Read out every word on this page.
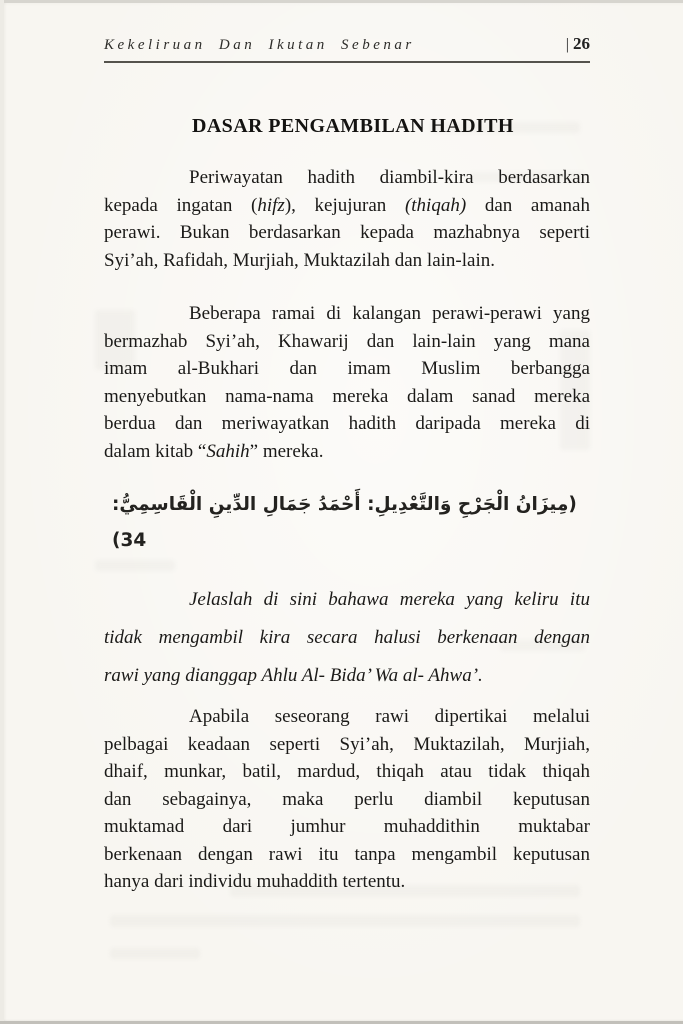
Kekeliruan Dan Ikutan Sebenar	| 26
DASAR PENGAMBILAN HADITH
Periwayatan hadith diambil-kira berdasarkan
kepada ingatan (hifz), kejujuran (thiqah) dan amanah
perawi. Bukan berdasarkan kepada mazhabnya seperti
Syi’ah, Rafidah, Murjiah, Muktazilah dan lain-lain.
Beberapa ramai di kalangan perawi-perawi yang
bermazhab Syi’ah, Khawarij dan lain-lain yang mana
imam al-Bukhari dan imam Muslim berbangga
menyebutkan nama-nama mereka dalam sanad mereka
berdua dan meriwayatkan hadith daripada mereka di
dalam kitab “Sahih” mereka.
(مِيزَانُ الْجَرْحِ وَالتَّعْدِيلِ: أَحْمَدُ جَمَالِ الدِّينِ الْقَاسِمِيُّ: 34)
Jelaslah di sini bahawa mereka yang keliru itu
tidak mengambil kira secara halusi berkenaan dengan
rawi yang dianggap Ahlu Al- Bida’ Wa al- Ahwa’.
Apabila seseorang rawi dipertikai melalui
pelbagai keadaan seperti Syi’ah, Muktazilah, Murjiah,
dhaif, munkar, batil, mardud, thiqah atau tidak thiqah
dan sebagainya, maka perlu diambil keputusan
muktamad dari jumhur muhaddithin muktabar
berkenaan dengan rawi itu tanpa mengambil keputusan
hanya dari individu muhaddith tertentu.
